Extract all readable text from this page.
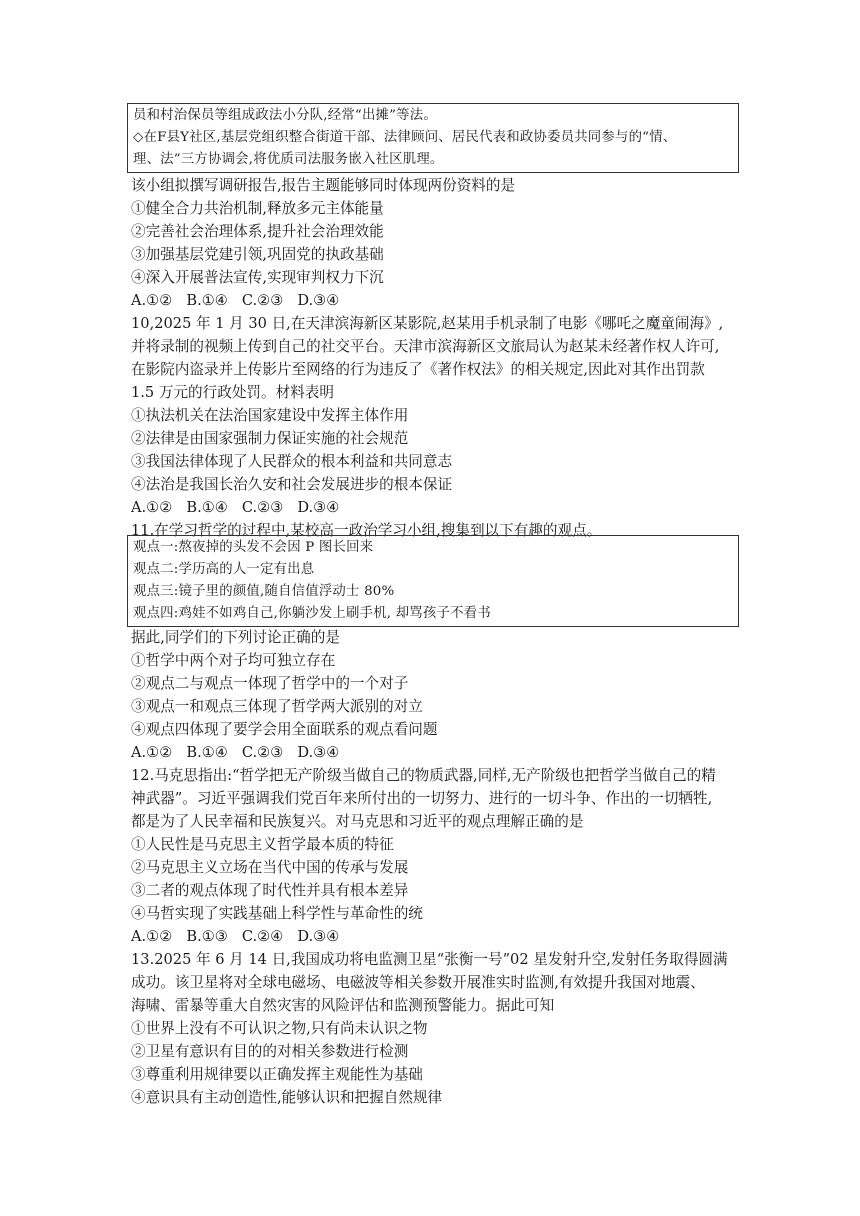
员和村治保员等组成政法小分队,经常“出摊”等法。
◇在F县Y社区,基层党组织整合街道干部、法律顾问、居民代表和政协委员共同参与的“情、
理、法”三方协调会,将优质司法服务嵌入社区肌理。
该小组拟撰写调研报告,报告主题能够同时体现两份资料的是
①健全合力共治机制,释放多元主体能量
②完善社会治理体系,提升社会治理效能
③加强基层党建引领,巩固党的执政基础
④深入开展普法宣传,实现审判权力下沉
A.①② B.①④ C.②③ D.③④
10,2025 年 1 月 30 日,在天津滨海新区某影院,赵某用手机录制了电影《哪吒之魔童闹海》,
并将录制的视频上传到自己的社交平台。天津市滨海新区文旅局认为赵某未经著作权人许可,
在影院内盗录并上传影片至网络的行为违反了《著作权法》的相关规定,因此对其作出罚款
1.5 万元的行政处罚。材料表明
①执法机关在法治国家建设中发挥主体作用
②法律是由国家强制力保证实施的社会规范
③我国法律体现了人民群众的根本利益和共同意志
④法治是我国长治久安和社会发展进步的根本保证
A.①② B.①④ C.②③ D.③④
11.在学习哲学的过程中,某校高一政治学习小组,搜集到以下有趣的观点。
观点一:熬夜掉的头发不会因 P 图长回来
观点二:学历高的人一定有出息
观点三:镜子里的颜值,随自信值浮动士 80%
观点四:鸡娃不如鸡自己,你躺沙发上刷手机, 却骂孩子不看书
据此,同学们的下列讨论正确的是
①哲学中两个对子均可独立存在
②观点二与观点一体现了哲学中的一个对子
③观点一和观点三体现了哲学两大派别的对立
④观点四体现了要学会用全面联系的观点看问题
A.①② B.①④ C.②③ D.③④
12.马克思指出:“哲学把无产阶级当做自己的物质武器,同样,无产阶级也把哲学当做自己的精
神武器”。习近平强调我们党百年来所付出的一切努力、进行的一切斗争、作出的一切牺牲,
都是为了人民幸福和民族复兴。对马克思和习近平的观点理解正确的是
①人民性是马克思主义哲学最本质的特征
②马克思主义立场在当代中国的传承与发展
③二者的观点体现了时代性并具有根本差异
④马哲实现了实践基础上科学性与革命性的统
A.①② B.①③ C.②④ D.③④
13.2025 年 6 月 14 日,我国成功将电监测卫星“张衡一号”02 星发射升空,发射任务取得圆满
成功。该卫星将对全球电磁场、电磁波等相关参数开展准实时监测,有效提升我国对地震、
海啸、雷暴等重大自然灾害的风险评估和监测预警能力。据此可知
①世界上没有不可认识之物,只有尚未认识之物
②卫星有意识有目的的对相关参数进行检测
③尊重利用规律要以正确发挥主观能性为基础
④意识具有主动创造性,能够认识和把握自然规律
